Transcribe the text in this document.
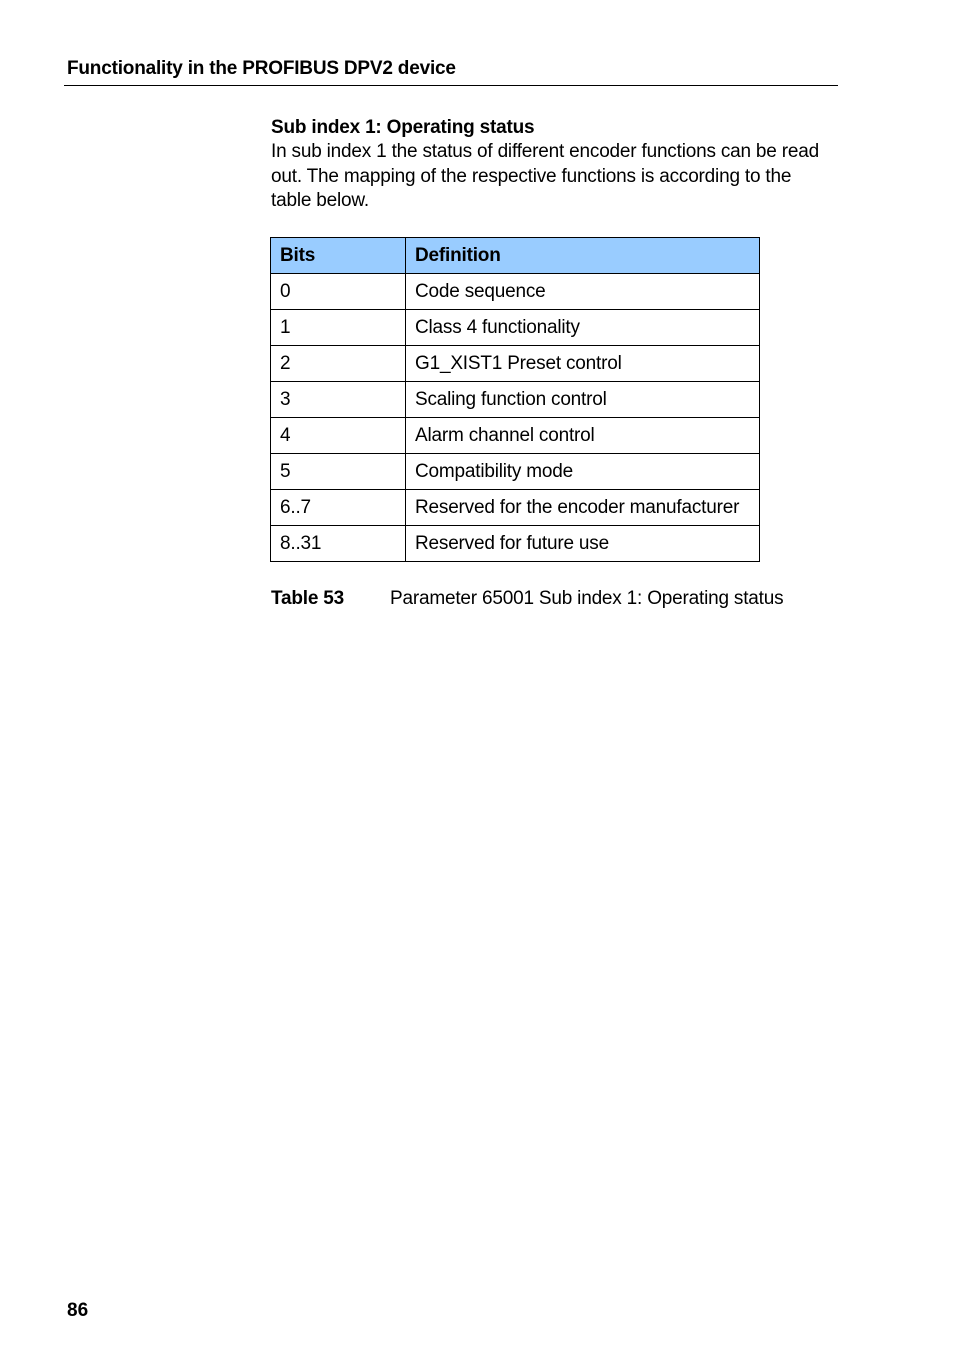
Functionality in the PROFIBUS DPV2 device
Sub index 1: Operating status
In sub index 1 the status of different encoder functions can be read out. The mapping of the respective functions is according to the table below.
Bits	Definition
0	Code sequence
1	Class 4 functionality
2	G1_XIST1 Preset control
3	Scaling function control
4	Alarm channel control
5	Compatibility mode
6..7	Reserved for the encoder manufacturer
8..31	Reserved for future use
Table 53 Parameter 65001 Sub index 1: Operating status
86
